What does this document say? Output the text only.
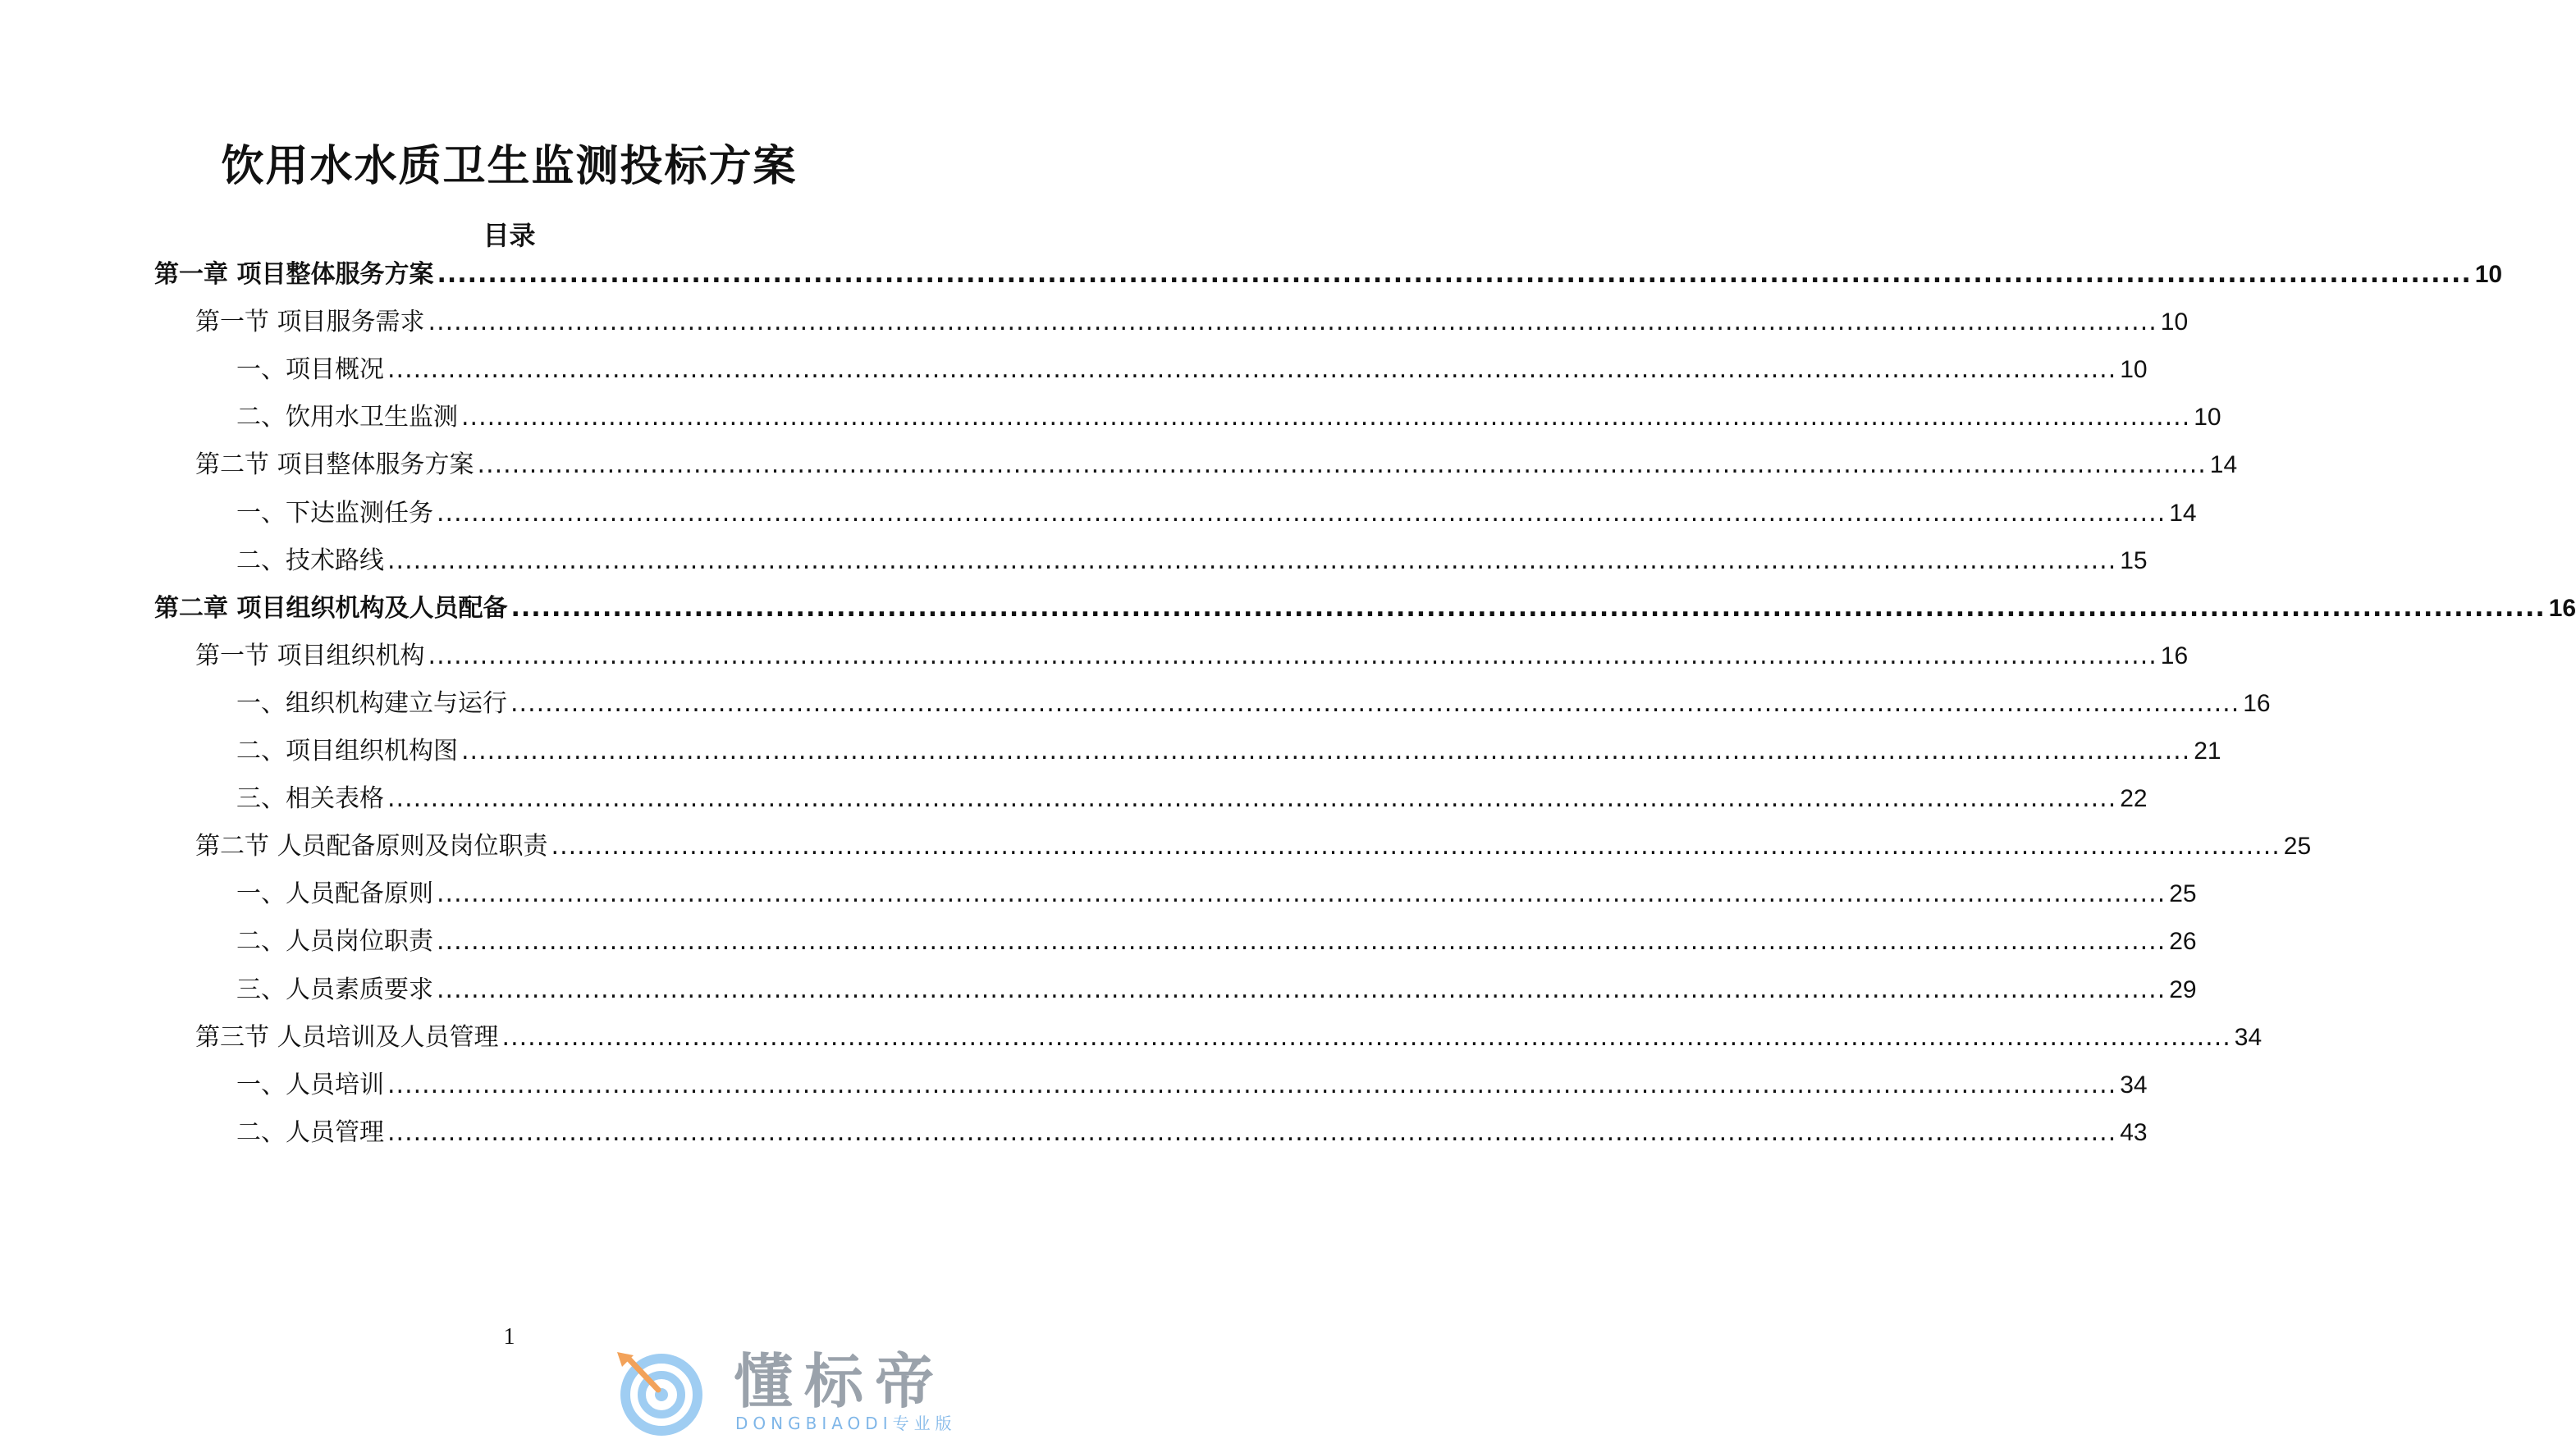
饮用水水质卫生监测投标方案
目录
第一章 项目整体服务方案 ........................................................................................................................................................................................................ 10
第一节 项目服务需求 ........................................................................................................................................................................................................ 10
一、项目概况 ........................................................................................................................................................................................................ 10
二、饮用水卫生监测 ........................................................................................................................................................................................................ 10
第二节 项目整体服务方案 ........................................................................................................................................................................................................ 14
一、下达监测任务 ........................................................................................................................................................................................................ 14
二、技术路线 ........................................................................................................................................................................................................ 15
第二章 项目组织机构及人员配备 ........................................................................................................................................................................................................ 16
第一节 项目组织机构 ........................................................................................................................................................................................................ 16
一、组织机构建立与运行 ........................................................................................................................................................................................................ 16
二、项目组织机构图 ........................................................................................................................................................................................................ 21
三、相关表格 ........................................................................................................................................................................................................ 22
第二节 人员配备原则及岗位职责 ........................................................................................................................................................................................................ 25
一、人员配备原则 ........................................................................................................................................................................................................ 25
二、人员岗位职责 ........................................................................................................................................................................................................ 26
三、人员素质要求 ........................................................................................................................................................................................................ 29
第三节 人员培训及人员管理 ........................................................................................................................................................................................................ 34
一、人员培训 ........................................................................................................................................................................................................ 34
二、人员管理 ........................................................................................................................................................................................................ 43
1
懂标帝
DONGBIAODI专业版
